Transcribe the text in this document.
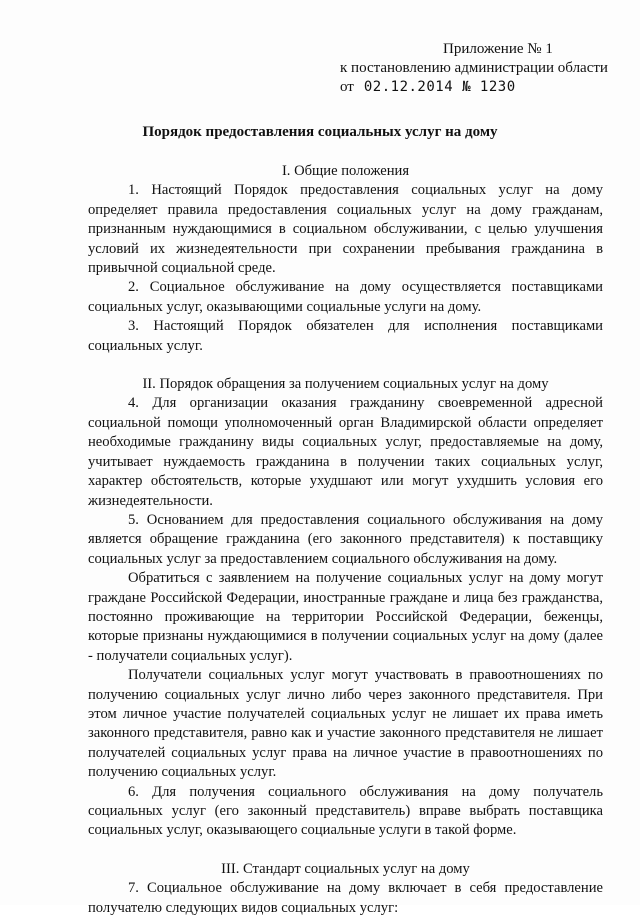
Приложение № 1
к постановлению администрации области
от 02.12.2014 № 1230
Порядок предоставления социальных услуг на дому

I. Общие положения

1. Настоящий Порядок предоставления социальных услуг на дому определяет правила предоставления социальных услуг на дому гражданам, признанным нуждающимися в социальном обслуживании, с целью улучшения условий их жизнедеятельности при сохранении пребывания гражданина в привычной социальной среде.

2. Социальное обслуживание на дому осуществляется поставщиками социальных услуг, оказывающими социальные услуги на дому.

3. Настоящий Порядок обязателен для исполнения поставщиками социальных услуг.

II. Порядок обращения за получением социальных услуг на дому

4. Для организации оказания гражданину своевременной адресной социальной помощи уполномоченный орган Владимирской области определяет необходимые гражданину виды социальных услуг, предоставляемые на дому, учитывает нуждаемость гражданина в получении таких социальных услуг, характер обстоятельств, которые ухудшают или могут ухудшить условия его жизнедеятельности.

5. Основанием для предоставления социального обслуживания на дому является обращение гражданина (его законного представителя) к поставщику социальных услуг за предоставлением социального обслуживания на дому.

Обратиться с заявлением на получение социальных услуг на дому могут граждане Российской Федерации, иностранные граждане и лица без гражданства, постоянно проживающие на территории Российской Федерации, беженцы, которые признаны нуждающимися в получении социальных услуг на дому (далее - получатели социальных услуг).

Получатели социальных услуг могут участвовать в правоотношениях по получению социальных услуг лично либо через законного представителя. При этом личное участие получателей социальных услуг не лишает их права иметь законного представителя, равно как и участие законного представителя не лишает получателей социальных услуг права на личное участие в правоотношениях по получению социальных услуг.

6. Для получения социального обслуживания на дому получатель социальных услуг (его законный представитель) вправе выбрать поставщика социальных услуг, оказывающего социальные услуги в такой форме.

III. Стандарт социальных услуг на дому

7. Социальное обслуживание на дому включает в себя предоставление получателю следующих видов социальных услуг:
